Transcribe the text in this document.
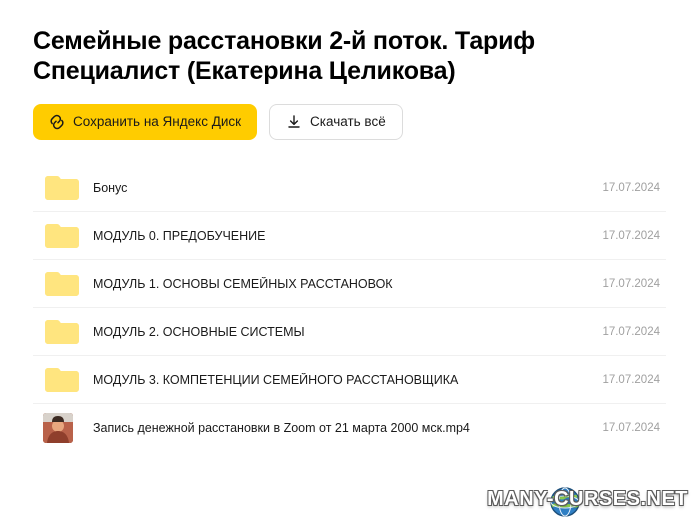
Семейные расстановки 2-й поток. Тариф Специалист (Екатерина Целикова)
Сохранить на Яндекс Диск	Скачать всё
Бонус	17.07.2024
МОДУЛЬ 0. ПРЕДОБУЧЕНИЕ	17.07.2024
МОДУЛЬ 1. ОСНОВЫ СЕМЕЙНЫХ РАССТАНОВОК	17.07.2024
МОДУЛЬ 2. ОСНОВНЫЕ СИСТЕМЫ	17.07.2024
МОДУЛЬ 3. КОМПЕТЕНЦИИ СЕМЕЙНОГО РАССТАНОВЩИКА	17.07.2024
Запись денежной расстановки в Zoom от 21 марта 2000 мск.mp4	17.07.2024
MANY-C URSES.NET
